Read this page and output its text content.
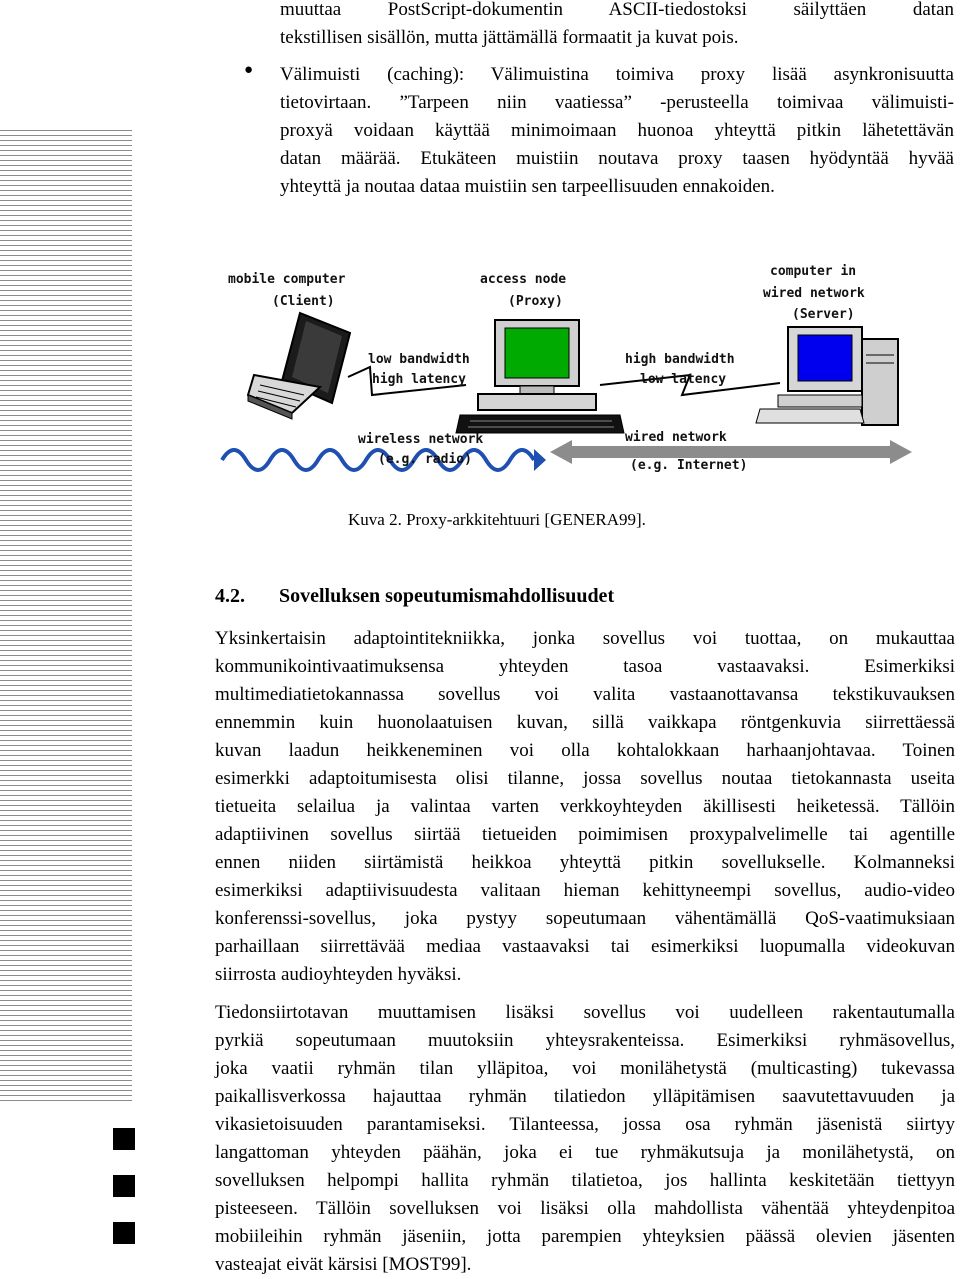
muuttaa PostScript-dokumentin ASCII-tiedostoksi säilyttäen datan
tekstillisen sisällön, mutta jättämällä formaatit ja kuvat pois.
● Välimuisti (caching): Välimuistina toimiva proxy lisää asynkronisuutta
tietovirtaan. ”Tarpeen niin vaatiessa” -perusteella toimivaa välimuisti-
proxyä voidaan käyttää minimoimaan huonoa yhteyttä pitkin lähetettävän
datan määrää. Etukäteen muistiin noutava proxy taasen hyödyntää hyvää
yhteyttä ja noutaa dataa muistiin sen tarpeellisuuden ennakoiden.
mobile computer
(Client)
access node
(Proxy)
computer in
wired network
(Server)
low bandwidth
high latency
high bandwidth
low latency
wireless network
(e.g. radio)
wired network
(e.g. Internet)
Kuva 2. Proxy-arkkitehtuuri [GENERA99].
4.2. Sovelluksen sopeutumismahdollisuudet
Yksinkertaisin adaptointitekniikka, jonka sovellus voi tuottaa, on mukauttaa
kommunikointivaatimuksensa yhteyden tasoa vastaavaksi. Esimerkiksi
multimediatietokannassa sovellus voi valita vastaanottavansa tekstikuvauksen
ennemmin kuin huonolaatuisen kuvan, sillä vaikkapa röntgenkuvia siirrettäessä
kuvan laadun heikkeneminen voi olla kohtalokkaan harhaanjohtavaa. Toinen
esimerkki adaptoitumisesta olisi tilanne, jossa sovellus noutaa tietokannasta useita
tietueita selailua ja valintaa varten verkkoyhteyden äkillisesti heiketessä. Tällöin
adaptiivinen sovellus siirtää tietueiden poimimisen proxypalvelimelle tai agentille
ennen niiden siirtämistä heikkoa yhteyttä pitkin sovellukselle. Kolmanneksi
esimerkiksi adaptiivisuudesta valitaan hieman kehittyneempi sovellus, audio-video
konferenssi-sovellus, joka pystyy sopeutumaan vähentämällä QoS-vaatimuksiaan
parhaillaan siirrettävää mediaa vastaavaksi tai esimerkiksi luopumalla videokuvan
siirrosta audioyhteyden hyväksi.
Tiedonsiirtotavan muuttamisen lisäksi sovellus voi uudelleen rakentautumalla
pyrkiä sopeutumaan muutoksiin yhteysrakenteissa. Esimerkiksi ryhmäsovellus,
joka vaatii ryhmän tilan ylläpitoa, voi monilähetystä (multicasting) tukevassa
paikallisverkossa hajauttaa ryhmän tilatiedon ylläpitämisen saavutettavuuden ja
vikasietoisuuden parantamiseksi. Tilanteessa, jossa osa ryhmän jäsenistä siirtyy
langattoman yhteyden päähän, joka ei tue ryhmäkutsuja ja monilähetystä, on
sovelluksen helpompi hallita ryhmän tilatietoa, jos hallinta keskitetään tiettyyn
pisteeseen. Tällöin sovelluksen voi lisäksi olla mahdollista vähentää yhteydenpitoa
mobiileihin ryhmän jäseniin, jotta parempien yhteyksien päässä olevien jäsenten
vasteajat eivät kärsisi [MOST99].
